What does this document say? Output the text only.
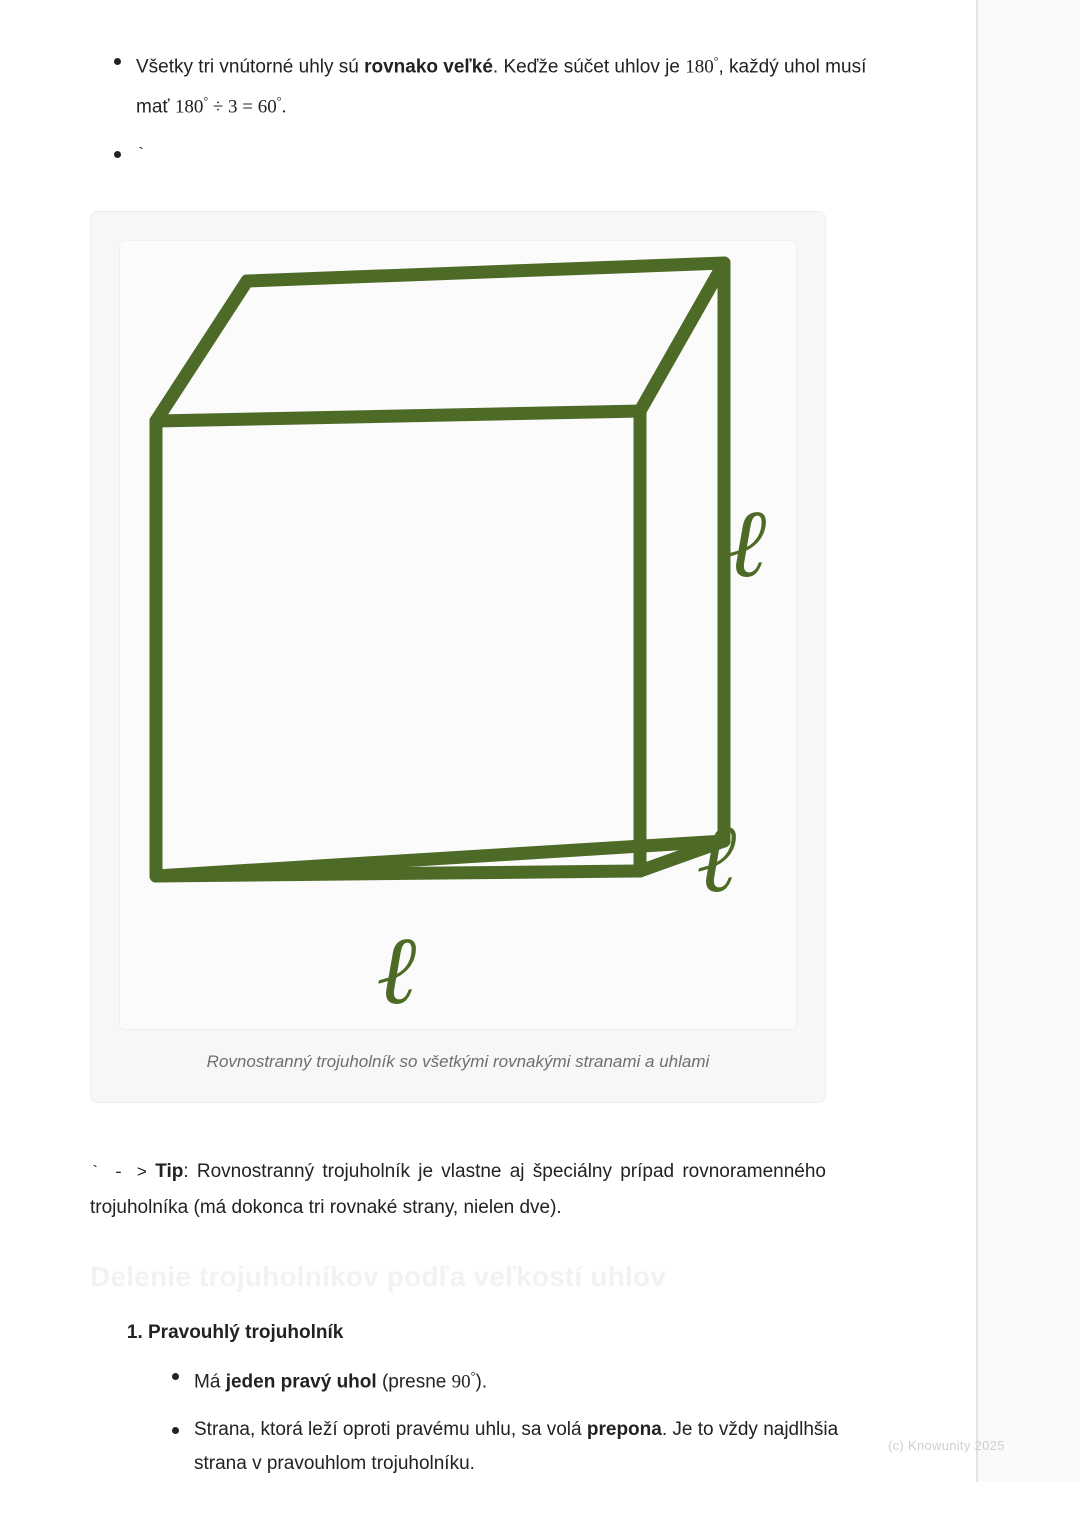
Všetky tri vnútorné uhly sú rovnako veľké. Keďže súčet uhlov je 180°, každý uhol musí mať 180° ÷ 3 = 60°.
`
ℓ
ℓ
ℓ
Rovnostranný trojuholník so všetkými rovnakými stranami a uhlami

` - > Tip: Rovnostranný trojuholník je vlastne aj špeciálny prípad rovnoramenného trojuholníka (má dokonca tri rovnaké strany, nielen dve).

Delenie trojuholníkov podľa veľkostí uhlov
1. Pravouhlý trojuholník
Má jeden pravý uhol (presne 90°).
Strana, ktorá leží oproti pravému uhlu, sa volá prepona. Je to vždy najdlhšia strana v pravouhlom trojuholníku.
(c) Knowunity 2025
